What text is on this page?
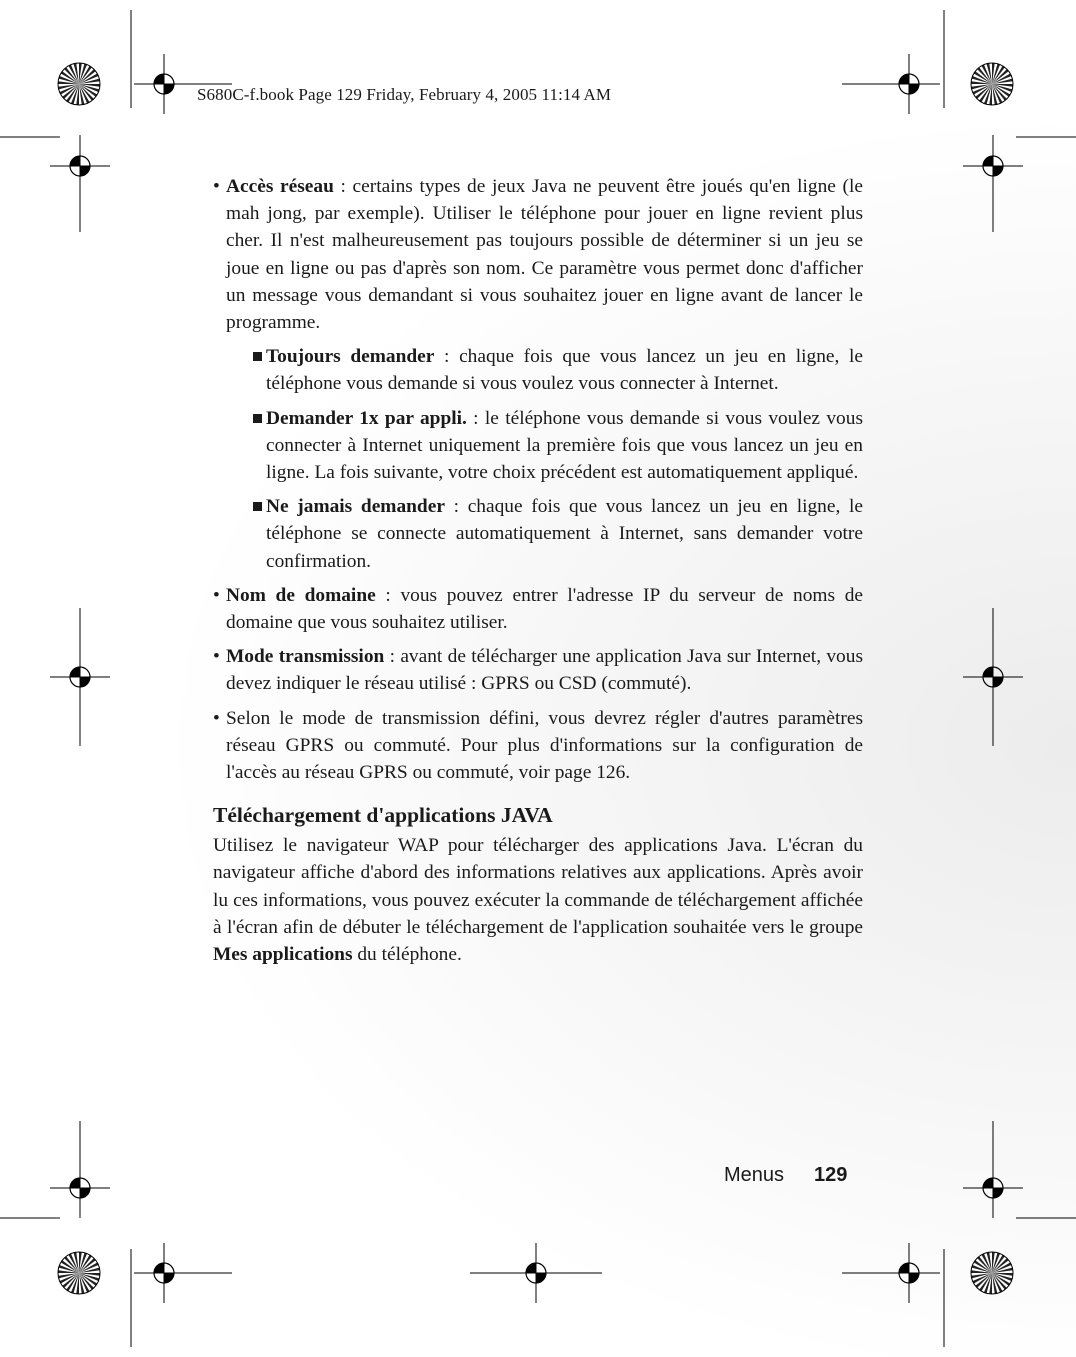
S680C-f.book Page 129 Friday, February 4, 2005 11:14 AM
• Accès réseau : certains types de jeux Java ne peuvent être joués qu'en ligne (le mah jong, par exemple). Utiliser le téléphone pour jouer en ligne revient plus cher. Il n'est malheureusement pas toujours possible de déterminer si un jeu se joue en ligne ou pas d'après son nom. Ce paramètre vous permet donc d'afficher un message vous demandant si vous souhaitez jouer en ligne avant de lancer le programme.
Toujours demander : chaque fois que vous lancez un jeu en ligne, le téléphone vous demande si vous voulez vous connecter à Internet.
Demander 1x par appli. : le téléphone vous demande si vous voulez vous connecter à Internet uniquement la première fois que vous lancez un jeu en ligne. La fois suivante, votre choix précédent est automatiquement appliqué.
Ne jamais demander : chaque fois que vous lancez un jeu en ligne, le téléphone se connecte automatiquement à Internet, sans demander votre confirmation.
• Nom de domaine : vous pouvez entrer l'adresse IP du serveur de noms de domaine que vous souhaitez utiliser.
• Mode transmission : avant de télécharger une application Java sur Internet, vous devez indiquer le réseau utilisé : GPRS ou CSD (commuté).
• Selon le mode de transmission défini, vous devrez régler d'autres paramètres réseau GPRS ou commuté. Pour plus d'informations sur la configuration de l'accès au réseau GPRS ou commuté, voir page 126.
Téléchargement d'applications JAVA

Utilisez le navigateur WAP pour télécharger des applications Java. L'écran du navigateur affiche d'abord des informations relatives aux applications. Après avoir lu ces informations, vous pouvez exécuter la commande de téléchargement affichée à l'écran afin de débuter le téléchargement de l'application souhaitée vers le groupe Mes applications du téléphone.

Menus 129
